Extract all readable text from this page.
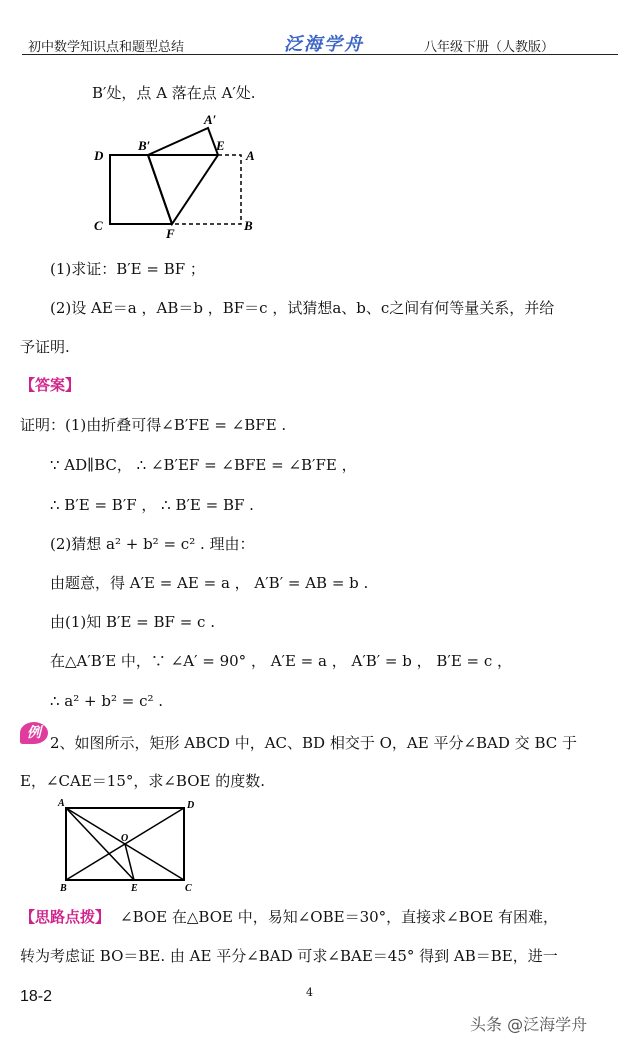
初中数学知识点和题型总结	泛海学舟	八年级下册（人教版）
B′处，点 A 落在点 A′处.
A′
B′
D
E
A
C
F
B
(1)求证：B′E = BF ；
(2)设 AE＝a ，AB＝b ，BF＝c ，试猜想a、b、c之间有何等量关系，并给
予证明.
【答案】
证明：(1)由折叠可得∠B′FE = ∠BFE .
∵ AD∥BC， ∴ ∠B′EF = ∠BFE = ∠B′FE ，
∴ B′E = B′F ， ∴ B′E = BF .
(2)猜想 a² + b² = c² . 理由：
由题意，得 A′E = AE = a ， A′B′ = AB = b .
由(1)知 B′E = BF = c .
在△A′B′E 中，∵ ∠A′ = 90° ， A′E = a ， A′B′ = b ， B′E = c ，
∴ a² + b² = c² .
例
2、如图所示，矩形 ABCD 中，AC、BD 相交于 O，AE 平分∠BAD 交 BC 于
E，∠CAE＝15°，求∠BOE 的度数.
A	D
O
B	E	C
【思路点拨】 ∠BOE 在△BOE 中，易知∠OBE＝30°，直接求∠BOE 有困难，
转为考虑证 BO＝BE. 由 AE 平分∠BAD 可求∠BAE＝45° 得到 AB＝BE，进一
18-2	4
头条 @泛海学舟
